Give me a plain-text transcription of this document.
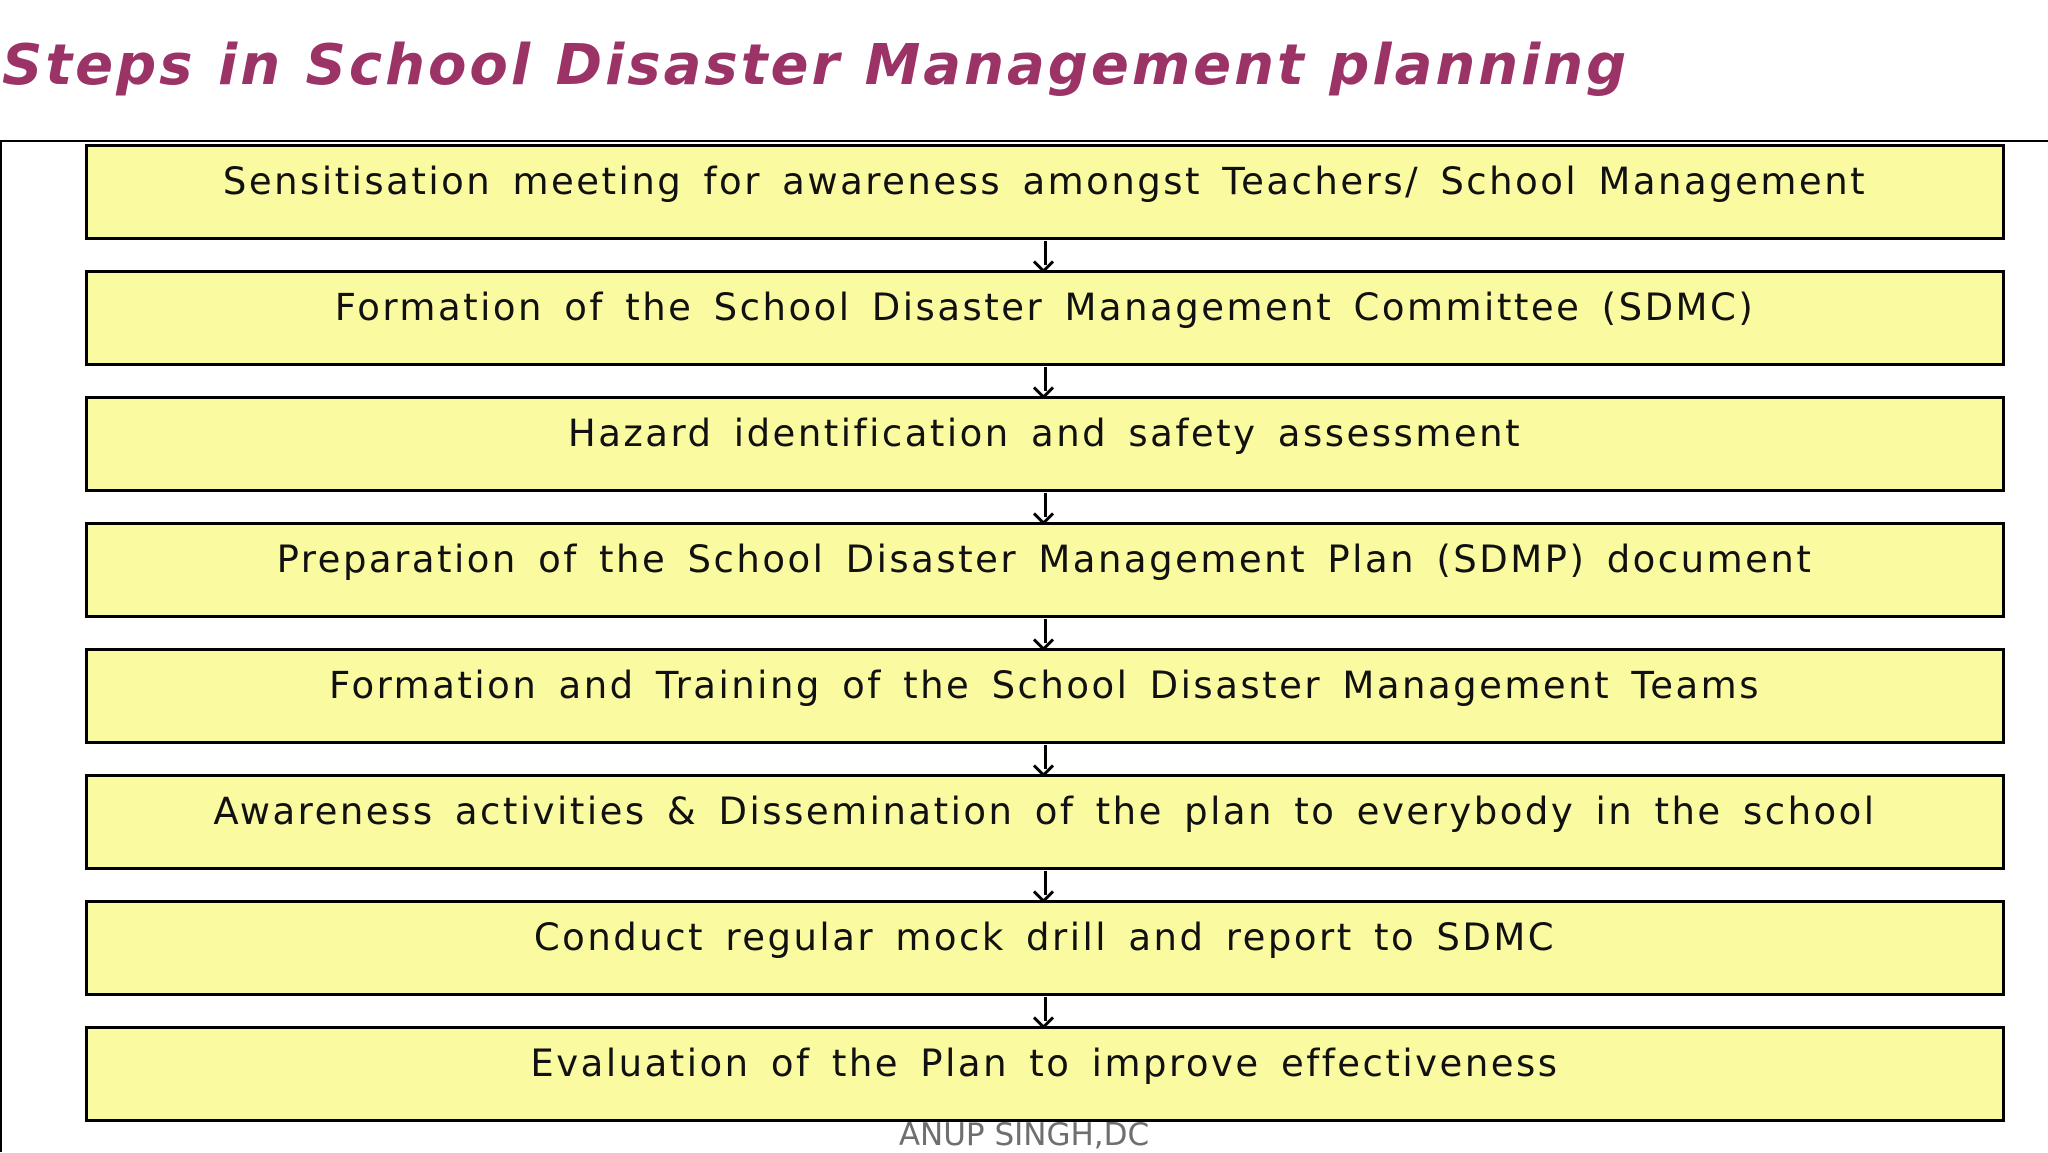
Steps in School Disaster Management planning
Sensitisation meeting for awareness amongst Teachers/ School Management
Formation of the School Disaster Management Committee (SDMC)
Hazard identification and safety assessment
Preparation of the School Disaster Management Plan (SDMP) document
Formation and Training of the School Disaster Management Teams
Awareness activities & Dissemination of the plan to everybody in the school
Conduct regular mock drill and report to SDMC
Evaluation of the Plan to improve effectiveness
ANUP SINGH,DC
